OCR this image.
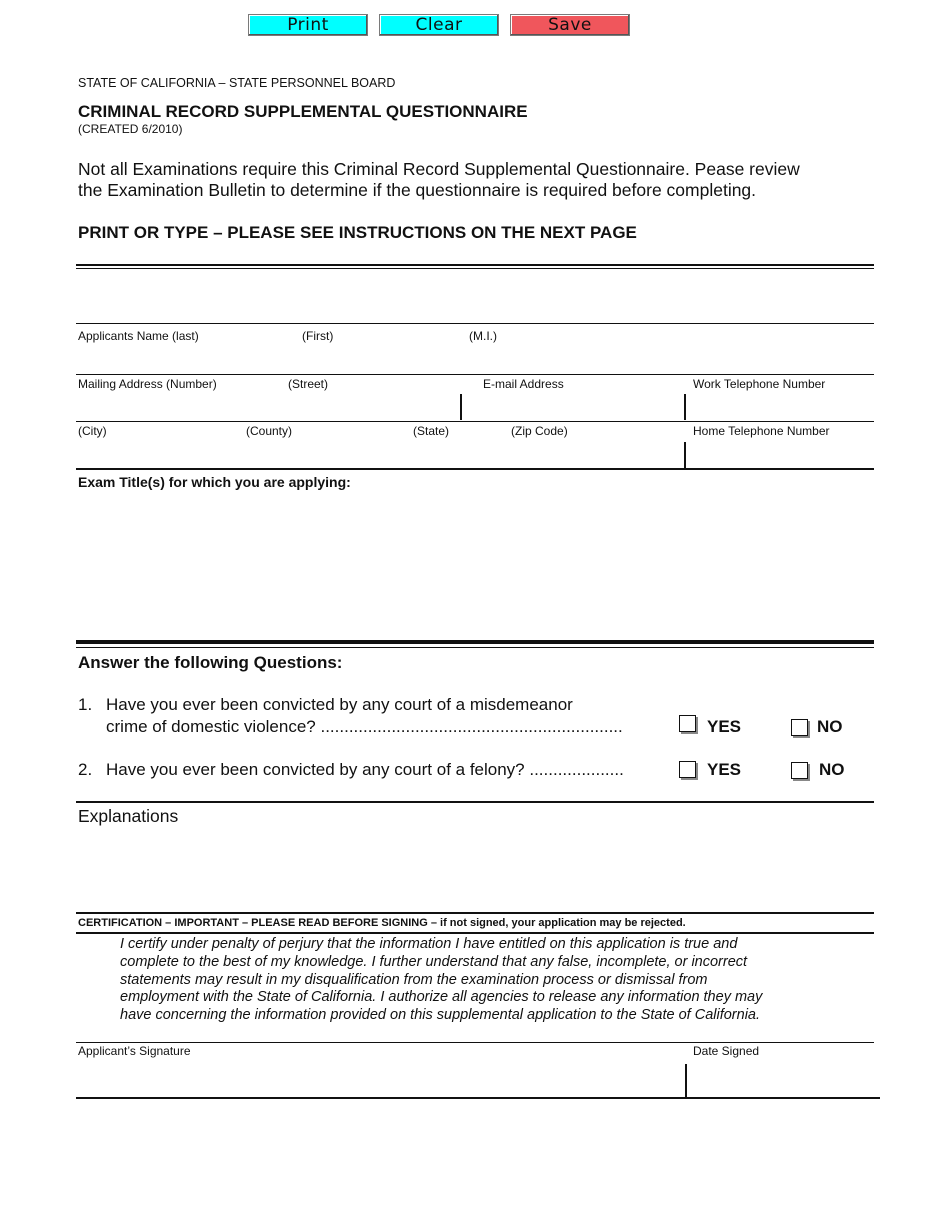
Print	Clear	Save
STATE OF CALIFORNIA – STATE PERSONNEL BOARD
CRIMINAL RECORD SUPPLEMENTAL QUESTIONNAIRE
(CREATED 6/2010)
Not all Examinations require this Criminal Record Supplemental Questionnaire. Pease review
the Examination Bulletin to determine if the questionnaire is required before completing.
PRINT OR TYPE – PLEASE SEE INSTRUCTIONS ON THE NEXT PAGE
Applicants Name (last)	(First)	(M.I.)
Mailing Address (Number)	(Street)	E-mail Address	Work Telephone Number
(City)	(County)	(State)	(Zip Code)	Home Telephone Number
Exam Title(s) for which you are applying:
Answer the following Questions:
1. Have you ever been convicted by any court of a misdemeanor
crime of domestic violence? ................................................................	YES	NO
2. Have you ever been convicted by any court of a felony? ....................	YES	NO
Explanations
CERTIFICATION – IMPORTANT – PLEASE READ BEFORE SIGNING – if not signed, your application may be rejected.

I certify under penalty of perjury that the information I have entitled on this application is true and

complete to the best of my knowledge. I further understand that any false, incomplete, or incorrect

statements may result in my disqualification from the examination process or dismissal from

employment with the State of California. I authorize all agencies to release any information they may

have concerning the information provided on this supplemental application to the State of California.

Applicant’s Signature	Date Signed
